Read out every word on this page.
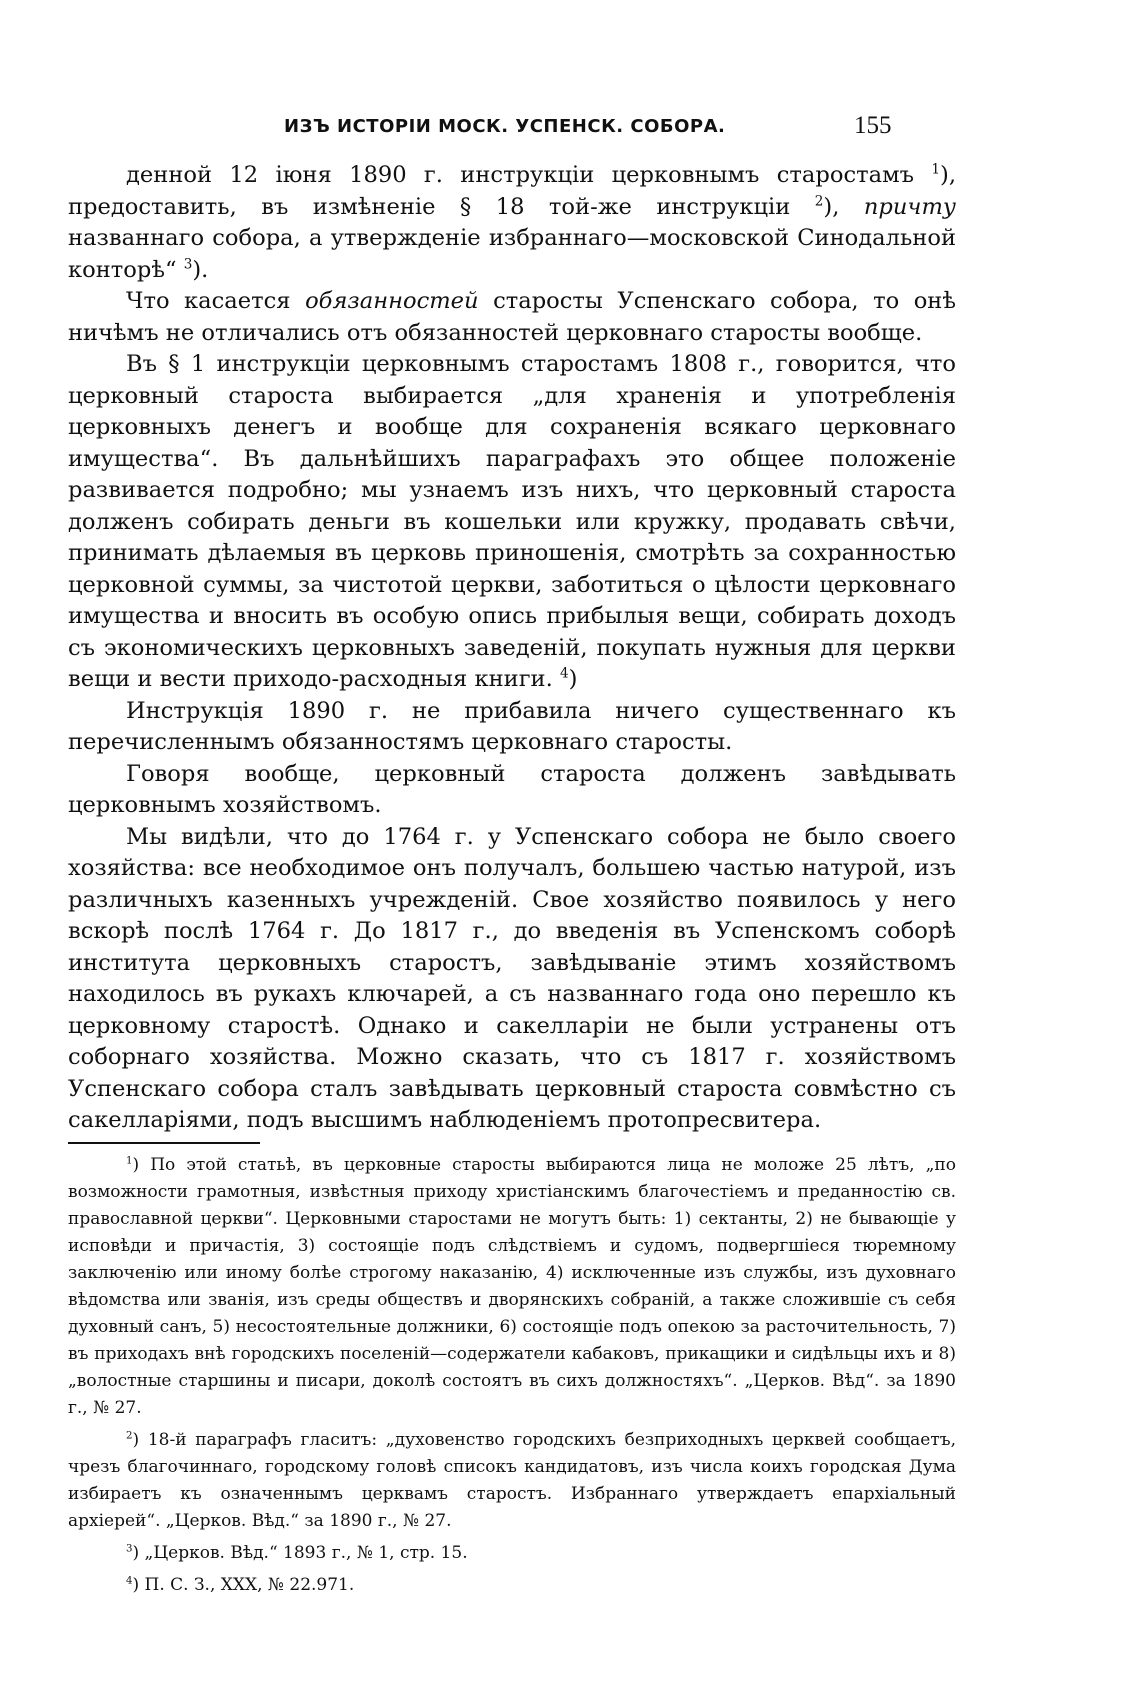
ИЗЪ ИСТОРІИ МОСК. УСПЕНСК. СОБОРА.	155

денной 12 іюня 1890 г. инструкціи церковнымъ старостамъ $^1$), предоставить, въ измѣненіе § 18 той-же инструкціи $^2$), причту названнаго собора, а утвержденіе избраннаго—московской Синодальной конторѣ“ $^3$).

Что касается обязанностей старосты Успенскаго собора, то онѣ ничѣмъ не отличались отъ обязанностей церковнаго старосты вообще.

Въ § 1 инструкціи церковнымъ старостамъ 1808 г., говорится, что церковный староста выбирается „для храненія и употребленія церковныхъ денегъ и вообще для сохраненія всякаго церковнаго имущества“. Въ дальнѣйшихъ параграфахъ это общее положеніе развивается подробно; мы узнаемъ изъ нихъ, что церковный староста долженъ собирать деньги въ кошельки или кружку, продавать свѣчи, принимать дѣлаемыя въ церковь приношенія, смотрѣть за сохранностью церковной суммы, за чистотой церкви, заботиться о цѣлости церковнаго имущества и вносить въ особую опись прибылыя вещи, собирать доходъ съ экономическихъ церковныхъ заведеній, покупать нужныя для церкви вещи и вести приходо-расходныя книги. $^4$)

Инструкція 1890 г. не прибавила ничего существеннаго къ перечисленнымъ обязанностямъ церковнаго старосты.

Говоря вообще, церковный староста долженъ завѣдывать церковнымъ хозяйствомъ.

Мы видѣли, что до 1764 г. у Успенскаго собора не было своего хозяйства: все необходимое онъ получалъ, большею частью натурой, изъ различныхъ казенныхъ учрежденій. Свое хозяйство появилось у него вскорѣ послѣ 1764 г. До 1817 г., до введенія въ Успенскомъ соборѣ института церковныхъ старостъ, завѣдываніе этимъ хозяйствомъ находилось въ рукахъ ключарей, а съ названнаго года оно перешло къ церковному старостѣ. Однако и сакелларіи не были устранены отъ соборнаго хозяйства. Можно сказать, что съ 1817 г. хозяйствомъ Успенскаго собора сталъ завѣдывать церковный староста совмѣстно съ сакелларіями, подъ высшимъ наблюденіемъ протопресвитера.

$^1$) По этой статьѣ, въ церковные старосты выбираются лица не моложе 25 лѣтъ, „по возможности грамотныя, извѣстныя приходу христіанскимъ благочестіемъ и преданностію св. православной церкви“. Церковными старостами не могутъ быть: 1) сектанты, 2) не бывающіе у исповѣди и причастія, 3) состоящіе подъ слѣдствіемъ и судомъ, подвергшіеся тюремному заключенію или иному болѣе строгому наказанію, 4) исключенные изъ службы, изъ духовнаго вѣдомства или званія, изъ среды обществъ и дворянскихъ собраній, а также сложившіе съ себя духовный санъ, 5) несостоятельные должники, 6) состоящіе подъ опекою за расточительность, 7) въ приходахъ внѣ городскихъ поселеній—содержатели кабаковъ, прикащики и сидѣльцы ихъ и 8) „волостные старшины и писари, доколѣ состоятъ въ сихъ должностяхъ“. „Церков. Вѣд“. за 1890 г., № 27.

$^2$) 18-й параграфъ гласитъ: „духовенство городскихъ безприходныхъ церквей сообщаетъ, чрезъ благочиннаго, городскому головѣ списокъ кандидатовъ, изъ числа коихъ городская Дума избираетъ къ означеннымъ церквамъ старостъ. Избраннаго утверждаетъ епархіальный архіерей“. „Церков. Вѣд.“ за 1890 г., № 27.

$^3$) „Церков. Вѣд.“ 1893 г., № 1, стр. 15.

$^4$) П. С. З., XXX, № 22.971.
